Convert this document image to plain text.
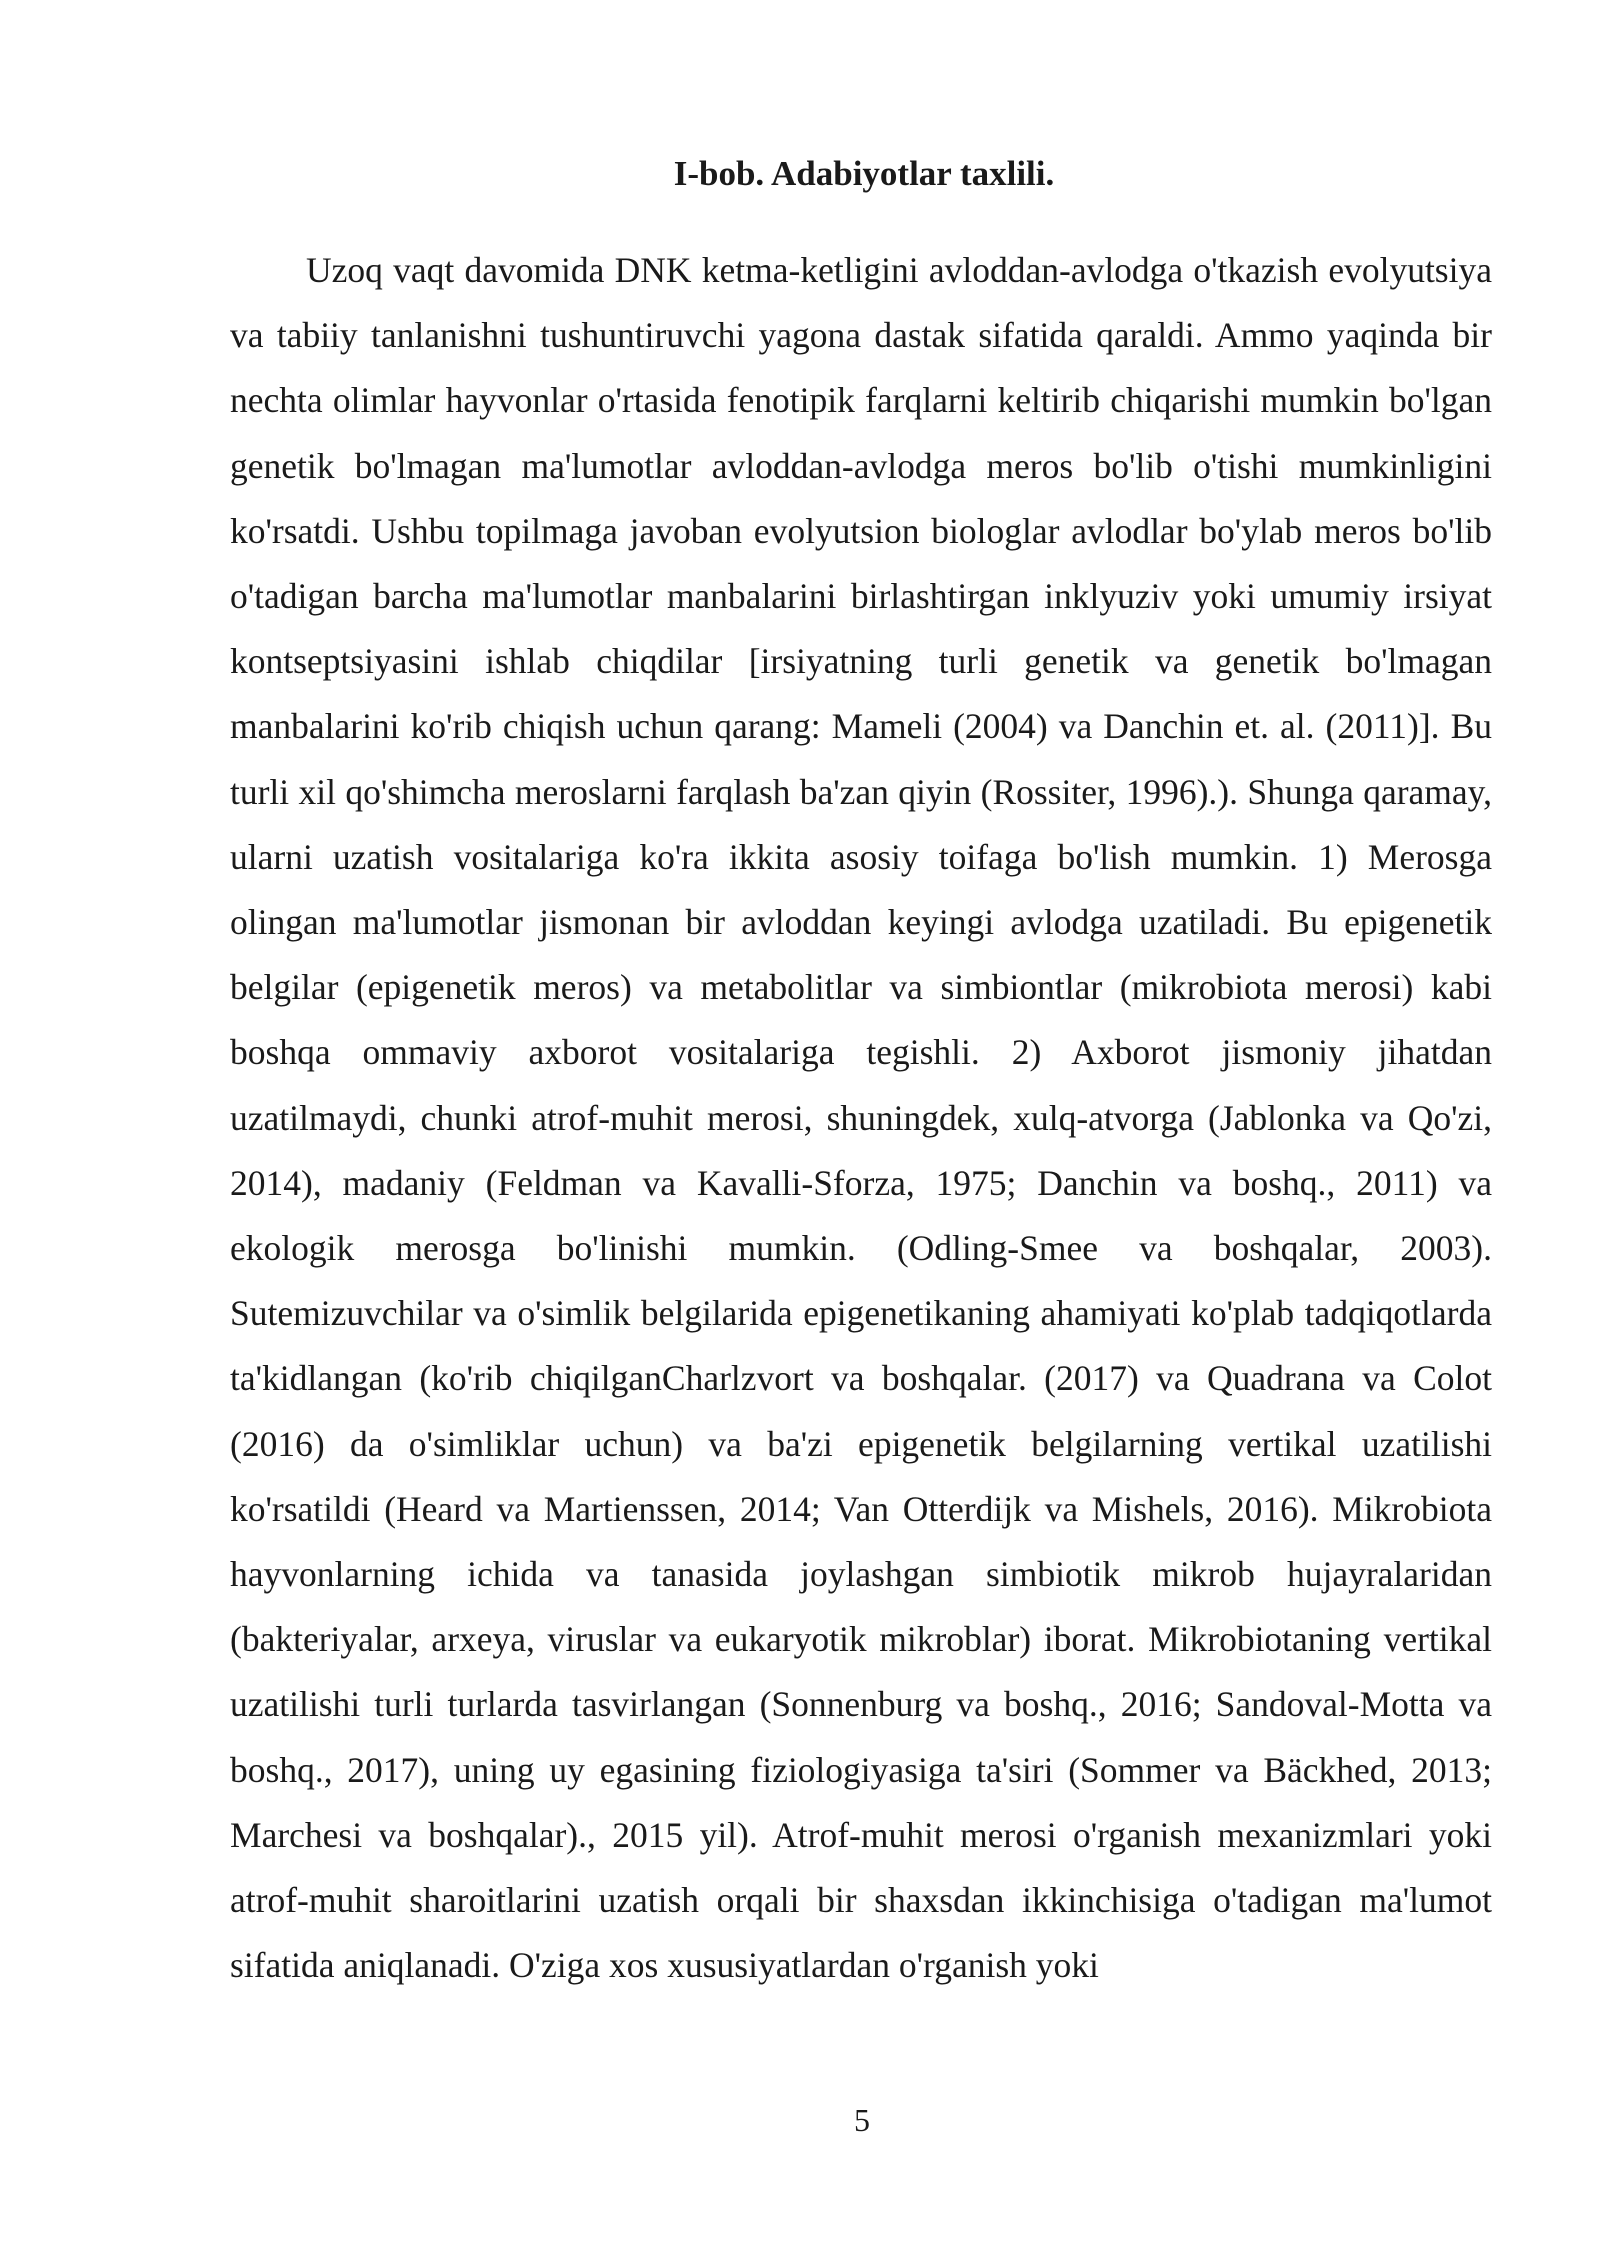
I-bob. Adabiyotlar taxlili.

Uzoq vaqt davomida DNK ketma-ketligini avloddan-avlodga o'tkazish evolyutsiya va tabiiy tanlanishni tushuntiruvchi yagona dastak sifatida qaraldi. Ammo yaqinda bir nechta olimlar hayvonlar o'rtasida fenotipik farqlarni keltirib chiqarishi mumkin bo'lgan genetik bo'lmagan ma'lumotlar avloddan-avlodga meros bo'lib o'tishi mumkinligini ko'rsatdi. Ushbu topilmaga javoban evolyutsion biologlar avlodlar bo'ylab meros bo'lib o'tadigan barcha ma'lumotlar manbalarini birlashtirgan inklyuziv yoki umumiy irsiyat kontseptsiyasini ishlab chiqdilar [irsiyatning turli genetik va genetik bo'lmagan manbalarini ko'rib chiqish uchun qarang: Mameli (2004) va Danchin et. al. (2011)]. Bu turli xil qo'shimcha meroslarni farqlash ba'zan qiyin (Rossiter, 1996).). Shunga qaramay, ularni uzatish vositalariga ko'ra ikkita asosiy toifaga bo'lish mumkin. 1) Merosga olingan ma'lumotlar jismonan bir avloddan keyingi avlodga uzatiladi. Bu epigenetik belgilar (epigenetik meros) va metabolitlar va simbiontlar (mikrobiota merosi) kabi boshqa ommaviy axborot vositalariga tegishli. 2) Axborot jismoniy jihatdan uzatilmaydi, chunki atrof-muhit merosi, shuningdek, xulq-atvorga (Jablonka va Qo'zi, 2014), madaniy (Feldman va Kavalli-Sforza, 1975; Danchin va boshq., 2011) va ekologik merosga bo'linishi mumkin. (Odling-Smee va boshqalar, 2003). Sutemizuvchilar va o'simlik belgilarida epigenetikaning ahamiyati ko'plab tadqiqotlarda ta'kidlangan (ko'rib chiqilganCharlzvort va boshqalar. (2017) va Quadrana va Colot (2016) da o'simliklar uchun) va ba'zi epigenetik belgilarning vertikal uzatilishi ko'rsatildi (Heard va Martienssen, 2014; Van Otterdijk va Mishels, 2016). Mikrobiota hayvonlarning ichida va tanasida joylashgan simbiotik mikrob hujayralaridan (bakteriyalar, arxeya, viruslar va eukaryotik mikroblar) iborat. Mikrobiotaning vertikal uzatilishi turli turlarda tasvirlangan (Sonnenburg va boshq., 2016; Sandoval-Motta va boshq., 2017), uning uy egasining fiziologiyasiga ta'siri (Sommer va Bäckhed, 2013; Marchesi va boshqalar)., 2015 yil). Atrof-muhit merosi o'rganish mexanizmlari yoki atrof-muhit sharoitlarini uzatish orqali bir shaxsdan ikkinchisiga o'tadigan ma'lumot sifatida aniqlanadi. O'ziga xos xususiyatlardan o'rganish yoki

5
